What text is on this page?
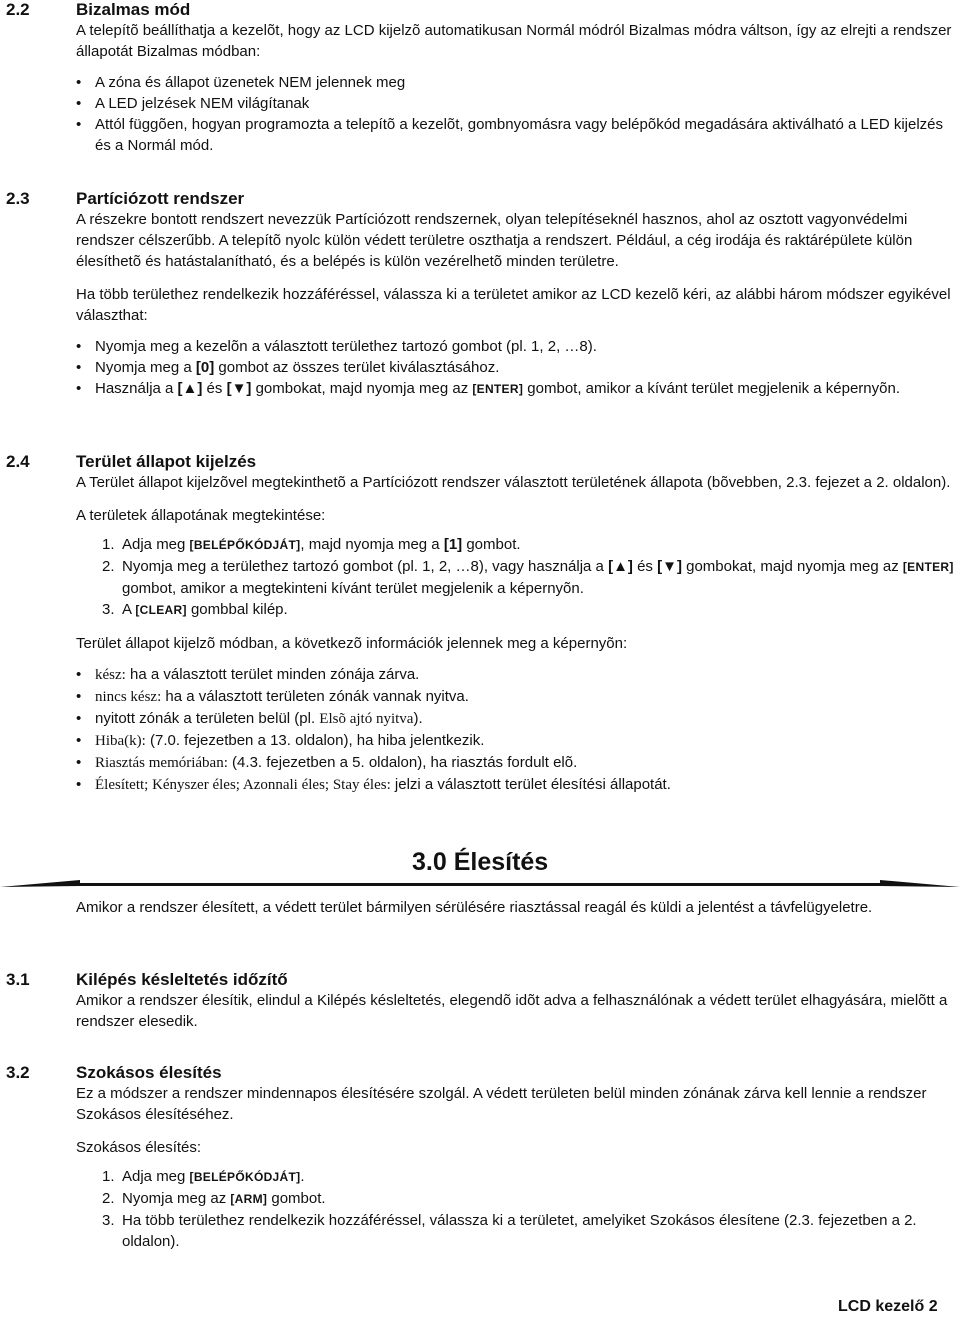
2.2	Bizalmas mód

A telepítõ beállíthatja a kezelõt, hogy az LCD kijelzõ automatikusan Normál módról Bizalmas módra váltson, így az elrejti a rendszer állapotát Bizalmas módban:

• A zóna és állapot üzenetek NEM jelennek meg
• A LED jelzések NEM világítanak
• Attól függõen, hogyan programozta a telepítõ a kezelõt, gombnyomásra vagy belépõkód megadására aktiválható a LED kijelzés és a Normál mód.
2.3	Partíciózott rendszer

A részekre bontott rendszert nevezzük Partíciózott rendszernek, olyan telepítéseknél hasznos, ahol az osztott vagyonvédelmi rendszer célszerűbb. A telepítõ nyolc külön védett területre oszthatja a rendszert. Például, a cég irodája és raktárépülete külön élesíthetõ és hatástalanítható, és a belépés is külön vezérelhetõ minden területre.

Ha több területhez rendelkezik hozzáféréssel, válassza ki a területet amikor az LCD kezelõ kéri, az alábbi három módszer egyikével választhat:

• Nyomja meg a kezelõn a választott területhez tartozó gombot (pl. 1, 2, …8).
• Nyomja meg a [0] gombot az összes terület kiválasztásához.
• Használja a [▲] és [▼] gombokat, majd nyomja meg az [ENTER] gombot, amikor a kívánt terület megjelenik a képernyõn.
2.4	Terület állapot kijelzés

A Terület állapot kijelzõvel megtekinthetõ a Partíciózott rendszer választott területének állapota (bõvebben, 2.3. fejezet a 2. oldalon).

A területek állapotának megtekintése:

1. Adja meg [BELÉPŐKÓDJÁT], majd nyomja meg a [1] gombot.
2. Nyomja meg a területhez tartozó gombot (pl. 1, 2, …8), vagy használja a [▲] és [▼] gombokat, majd nyomja meg az [ENTER] gombot, amikor a megtekinteni kívánt terület megjelenik a képernyõn.
3. A [CLEAR] gombbal kilép.

Terület állapot kijelzõ módban, a következõ információk jelennek meg a képernyõn:

• kész: ha a választott terület minden zónája zárva.
• nincs kész: ha a választott területen zónák vannak nyitva.
• nyitott zónák a területen belül (pl. Elsõ ajtó nyitva).
• Hiba(k): (7.0. fejezetben a 13. oldalon), ha hiba jelentkezik.
• Riasztás memóriában: (4.3. fejezetben a 5. oldalon), ha riasztás fordult elõ.
• Élesített; Kényszer éles; Azonnali éles; Stay éles: jelzi a választott terület élesítési állapotát.
3.0 Élesítés

Amikor a rendszer élesített, a védett terület bármilyen sérülésére riasztással reagál és küldi a jelentést a távfelügyeletre.

3.1	Kilépés késleltetés időzítő

Amikor a rendszer élesítik, elindul a Kilépés késleltetés, elegendõ idõt adva a felhasználónak a védett terület elhagyására, mielõtt a rendszer elesedik.

3.2	Szokásos élesítés

Ez a módszer a rendszer mindennapos élesítésére szolgál. A védett területen belül minden zónának zárva kell lennie a rendszer Szokásos élesítéséhez.

Szokásos élesítés:

1. Adja meg [BELÉPŐKÓDJÁT].
2. Nyomja meg az [ARM] gombot.
3. Ha több területhez rendelkezik hozzáféréssel, válassza ki a területet, amelyiket Szokásos élesítene (2.3. fejezetben a 2. oldalon).
LCD kezelő 2
